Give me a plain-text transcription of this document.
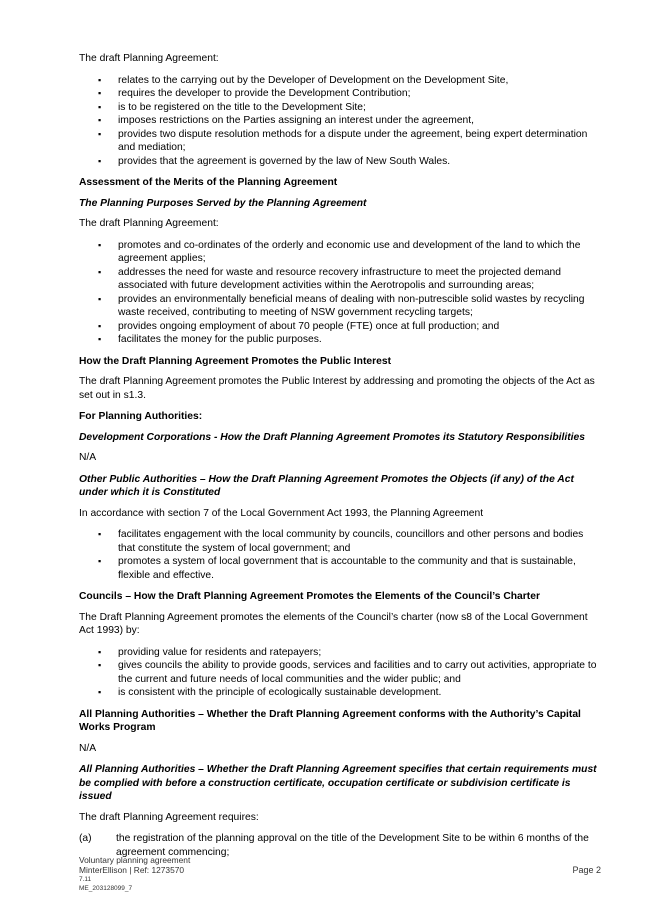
The draft Planning Agreement:

▪ relates to the carrying out by the Developer of Development on the Development Site,
▪ requires the developer to provide the Development Contribution;
▪ is to be registered on the title to the Development Site;
▪ imposes restrictions on the Parties assigning an interest under the agreement,
▪ provides two dispute resolution methods for a dispute under the agreement, being expert determination and mediation;
▪ provides that the agreement is governed by the law of New South Wales.

Assessment of the Merits of the Planning Agreement

The Planning Purposes Served by the Planning Agreement

The draft Planning Agreement:

▪ promotes and co-ordinates of the orderly and economic use and development of the land to which the agreement applies;
▪ addresses the need for waste and resource recovery infrastructure to meet the projected demand associated with future development activities within the Aerotropolis and surrounding areas;
▪ provides an environmentally beneficial means of dealing with non-putrescible solid wastes by recycling waste received, contributing to meeting of NSW government recycling targets;
▪ provides ongoing employment of about 70 people (FTE) once at full production; and
▪ facilitates the money for the public purposes.

How the Draft Planning Agreement Promotes the Public Interest

The draft Planning Agreement promotes the Public Interest by addressing and promoting the objects of the Act as set out in s1.3.

For Planning Authorities:

Development Corporations - How the Draft Planning Agreement Promotes its Statutory Responsibilities

N/A

Other Public Authorities – How the Draft Planning Agreement Promotes the Objects (if any) of the Act under which it is Constituted

In accordance with section 7 of the Local Government Act 1993, the Planning Agreement

▪ facilitates engagement with the local community by councils, councillors and other persons and bodies that constitute the system of local government; and
▪ promotes a system of local government that is accountable to the community and that is sustainable, flexible and effective.

Councils – How the Draft Planning Agreement Promotes the Elements of the Council’s Charter

The Draft Planning Agreement promotes the elements of the Council’s charter (now s8 of the Local Government Act 1993) by:

▪ providing value for residents and ratepayers;
▪ gives councils the ability to provide goods, services and facilities and to carry out activities, appropriate to the current and future needs of local communities and the wider public; and
▪ is consistent with the principle of ecologically sustainable development.

All Planning Authorities – Whether the Draft Planning Agreement conforms with the Authority’s Capital Works Program

N/A

All Planning Authorities – Whether the Draft Planning Agreement specifies that certain requirements must be complied with before a construction certificate, occupation certificate or subdivision certificate is issued

The draft Planning Agreement requires:

(a) the registration of the planning approval on the title of the Development Site to be within 6 months of the agreement commencing;

Voluntary planning agreement

MinterEllison | Ref: 1273570

7.11

ME_203128099_7

Page 2
